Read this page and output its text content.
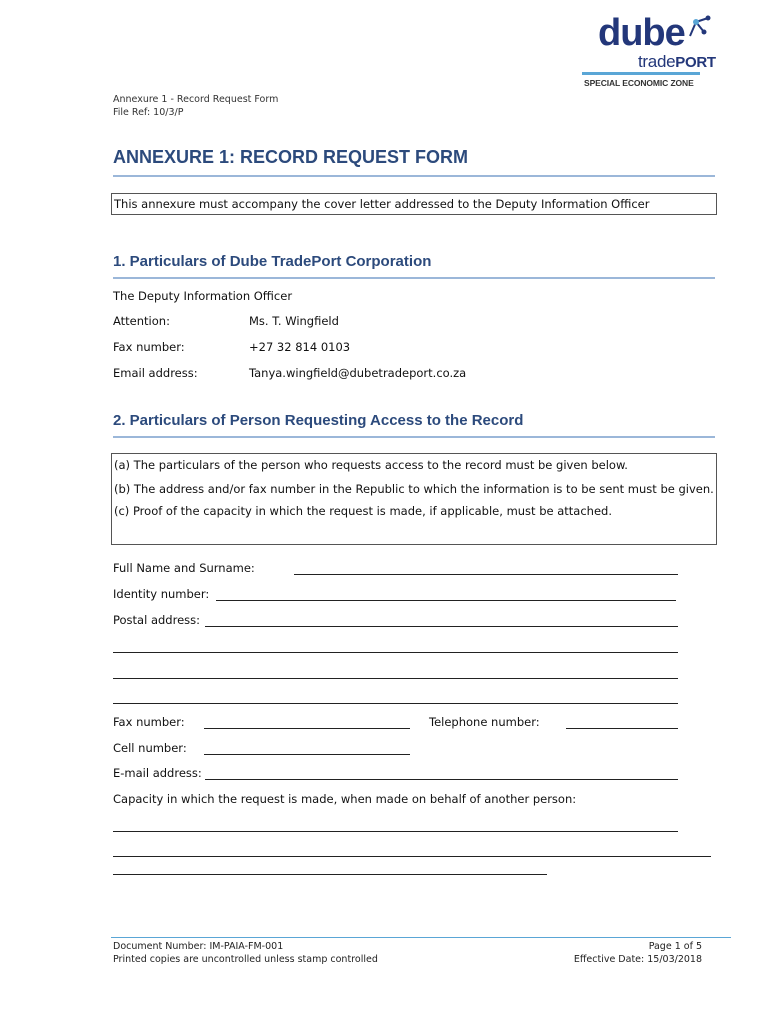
dube
tradePORT
SPECIAL ECONOMIC ZONE
Annexure 1 - Record Request Form
File Ref: 10/3/P
ANNEXURE 1: RECORD REQUEST FORM

This annexure must accompany the cover letter addressed to the Deputy Information Officer

1. Particulars of Dube TradePort Corporation
The Deputy Information Officer
Attention:	Ms. T. Wingfield
Fax number:	+27 32 814 0103
Email address:	Tanya.wingfield@dubetradeport.co.za
2. Particulars of Person Requesting Access to the Record

(a) The particulars of the person who requests access to the record must be given below.

(b) The address and/or fax number in the Republic to which the information is to be sent must be given.

(c) Proof of the capacity in which the request is made, if applicable, must be attached.

Full Name and Surname:
Identity number:
Postal address:
Fax number:	Telephone number:
Cell number:
E-mail address:
Capacity in which the request is made, when made on behalf of another person:
Document Number: IM-PAIA-FM-001
Printed copies are uncontrolled unless stamp controlled
Page 1 of 5
Effective Date: 15/03/2018
